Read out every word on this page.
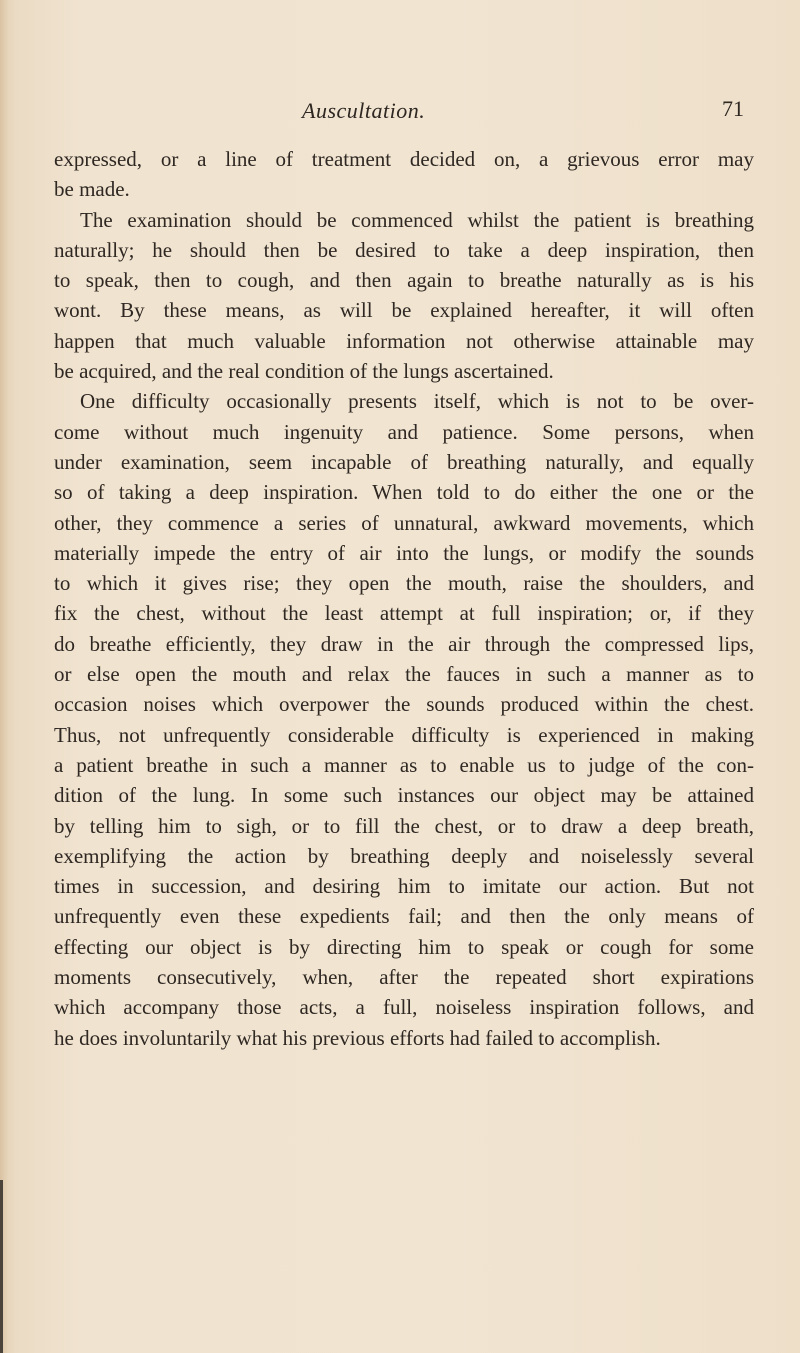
Auscultation.	71
expressed, or a line of treatment decided on, a grievous error may
be made.
The examination should be commenced whilst the patient is breathing
naturally; he should then be desired to take a deep inspiration, then
to speak, then to cough, and then again to breathe naturally as is his
wont. By these means, as will be explained hereafter, it will often
happen that much valuable information not otherwise attainable may
be acquired, and the real condition of the lungs ascertained.
One difficulty occasionally presents itself, which is not to be over-
come without much ingenuity and patience. Some persons, when
under examination, seem incapable of breathing naturally, and equally
so of taking a deep inspiration. When told to do either the one or the
other, they commence a series of unnatural, awkward movements, which
materially impede the entry of air into the lungs, or modify the sounds
to which it gives rise; they open the mouth, raise the shoulders, and
fix the chest, without the least attempt at full inspiration; or, if they
do breathe efficiently, they draw in the air through the compressed lips,
or else open the mouth and relax the fauces in such a manner as to
occasion noises which overpower the sounds produced within the chest.
Thus, not unfrequently considerable difficulty is experienced in making
a patient breathe in such a manner as to enable us to judge of the con-
dition of the lung. In some such instances our object may be attained
by telling him to sigh, or to fill the chest, or to draw a deep breath,
exemplifying the action by breathing deeply and noiselessly several
times in succession, and desiring him to imitate our action. But not
unfrequently even these expedients fail; and then the only means of
effecting our object is by directing him to speak or cough for some
moments consecutively, when, after the repeated short expirations
which accompany those acts, a full, noiseless inspiration follows, and
he does involuntarily what his previous efforts had failed to accomplish.
